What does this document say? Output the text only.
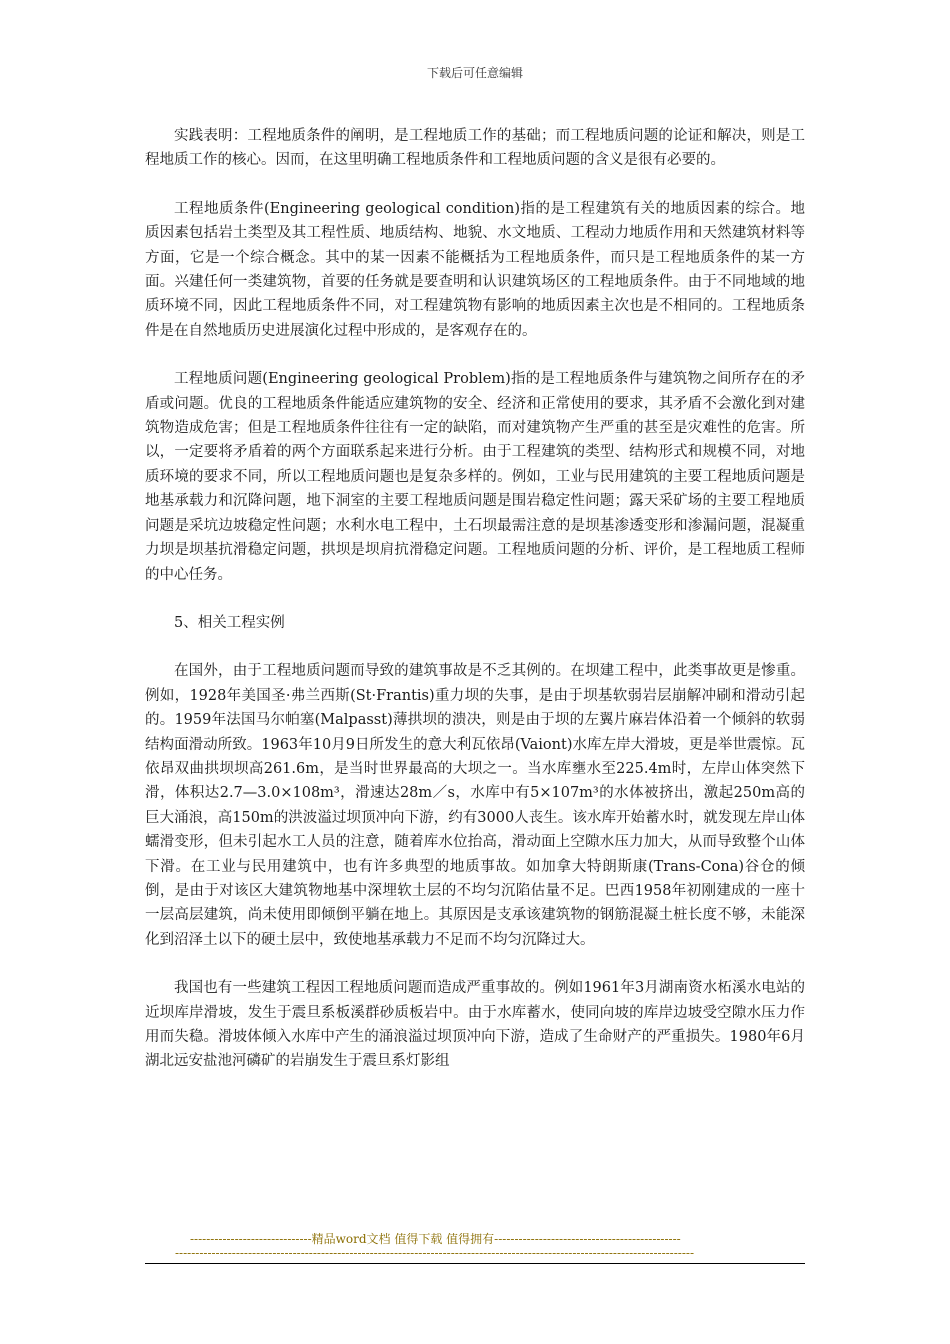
下载后可任意编辑

实践表明：工程地质条件的阐明，是工程地质工作的基础；而工程地质问题的论证和解决，则是工程地质工作的核心。因而，在这里明确工程地质条件和工程地质问题的含义是很有必要的。

工程地质条件(Engineering geological condition)指的是工程建筑有关的地质因素的综合。地质因素包括岩土类型及其工程性质、地质结构、地貌、水文地质、工程动力地质作用和天然建筑材料等方面，它是一个综合概念。其中的某一因素不能概括为工程地质条件，而只是工程地质条件的某一方面。兴建任何一类建筑物，首要的任务就是要查明和认识建筑场区的工程地质条件。由于不同地域的地质环境不同，因此工程地质条件不同，对工程建筑物有影响的地质因素主次也是不相同的。工程地质条件是在自然地质历史进展演化过程中形成的，是客观存在的。

工程地质问题(Engineering geological Problem)指的是工程地质条件与建筑物之间所存在的矛盾或问题。优良的工程地质条件能适应建筑物的安全、经济和正常使用的要求，其矛盾不会激化到对建筑物造成危害；但是工程地质条件往往有一定的缺陷，而对建筑物产生严重的甚至是灾难性的危害。所以，一定要将矛盾着的两个方面联系起来进行分析。由于工程建筑的类型、结构形式和规模不同，对地质环境的要求不同，所以工程地质问题也是复杂多样的。例如，工业与民用建筑的主要工程地质问题是地基承载力和沉降问题，地下洞室的主要工程地质问题是围岩稳定性问题；露天采矿场的主要工程地质问题是采坑边坡稳定性问题；水利水电工程中，土石坝最需注意的是坝基渗透变形和渗漏问题，混凝重力坝是坝基抗滑稳定问题，拱坝是坝肩抗滑稳定问题。工程地质问题的分析、评价，是工程地质工程师的中心任务。

5、相关工程实例

在国外，由于工程地质问题而导致的建筑事故是不乏其例的。在坝建工程中，此类事故更是惨重。例如，1928年美国圣·弗兰西斯(St·Frantis)重力坝的失事，是由于坝基软弱岩层崩解冲刷和滑动引起的。1959年法国马尔帕塞(Malpasst)薄拱坝的溃决，则是由于坝的左翼片麻岩体沿着一个倾斜的软弱结构面滑动所致。1963年10月9日所发生的意大利瓦依昂(Vaiont)水库左岸大滑坡，更是举世震惊。瓦依昂双曲拱坝坝高261.6m，是当时世界最高的大坝之一。当水库壅水至225.4m时，左岸山体突然下滑，体积达2.7—3.0×108m³，滑速达28m／s，水库中有5×107m³的水体被挤出，激起250m高的巨大涌浪，高150m的洪波溢过坝顶冲向下游，约有3000人丧生。该水库开始蓄水时，就发现左岸山体蠕滑变形，但未引起水工人员的注意，随着库水位抬高，滑动面上空隙水压力加大，从而导致整个山体下滑。在工业与民用建筑中，也有许多典型的地质事故。如加拿大特朗斯康(Trans-Cona)谷仓的倾倒，是由于对该区大建筑物地基中深埋软土层的不均匀沉陷估量不足。巴西1958年初刚建成的一座十一层高层建筑，尚未使用即倾倒平躺在地上。其原因是支承该建筑物的钢筋混凝土桩长度不够，未能深化到沼泽土以下的硬土层中，致使地基承载力不足而不均匀沉降过大。

我国也有一些建筑工程因工程地质问题而造成严重事故的。例如1961年3月湖南资水柘溪水电站的近坝库岸滑坡，发生于震旦系板溪群砂质板岩中。由于水库蓄水，使同向坡的库岸边坡受空隙水压力作用而失稳。滑坡体倾入水库中产生的涌浪溢过坝顶冲向下游，造成了生命财产的严重损失。1980年6月湖北远安盐池河磷矿的岩崩发生于震旦系灯影组

------------------------------精品word文档 值得下载 值得拥有----------------------------------------------
--------------------------------------------------------------------------------------------------------------------------------
